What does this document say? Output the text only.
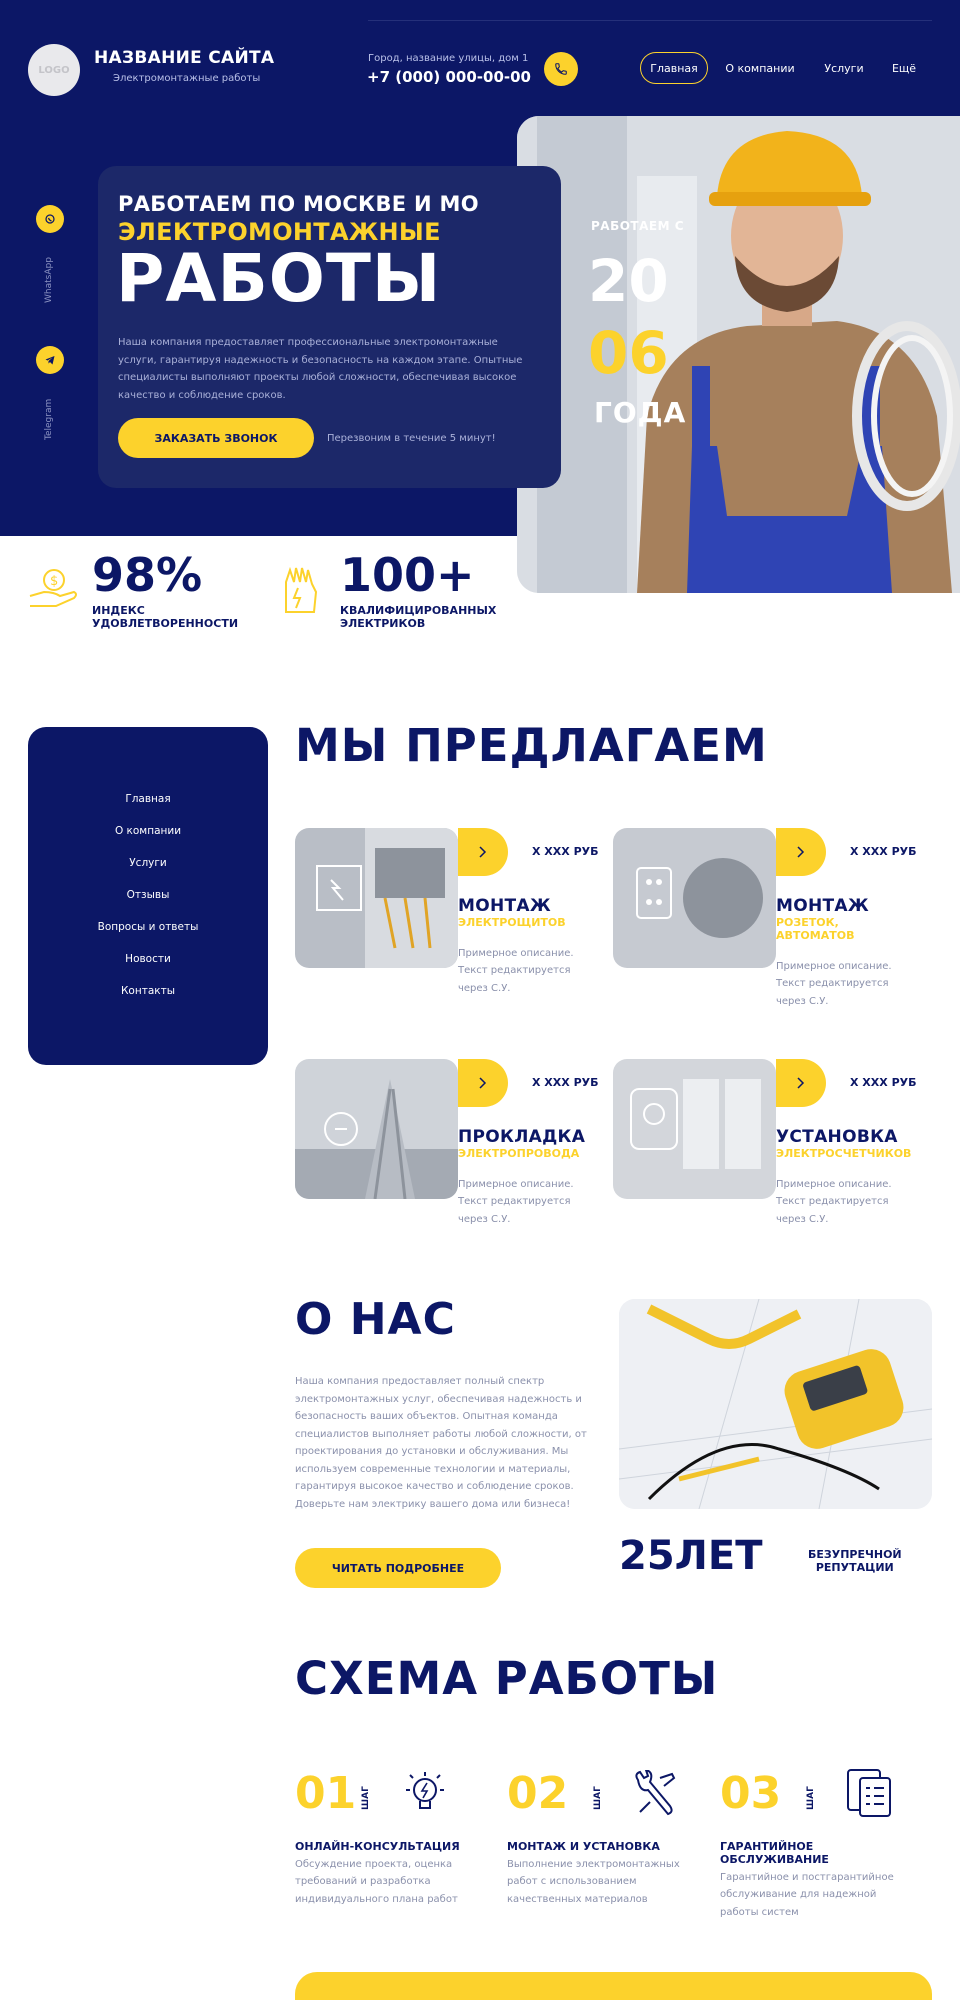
LOGO
НАЗВАНИЕ САЙТА
Электромонтажные работы
Город, название улицы, дом 1
+7 (000) 000-00-00	Главная	О компании	Услуги	Ещё
WhatsApp
Telegram
РАБОТАЕМ С
20
06
ГОДА
РАБОТАЕМ ПО МОСКВЕ И МО
ЭЛЕКТРОМОНТАЖНЫЕ
РАБОТЫ
Наша компания предоставляет профессиональные электромонтажные услуги, гарантируя надежность и безопасность на каждом этапе. Опытные специалисты выполняют проекты любой сложности, обеспечивая высокое качество и соблюдение сроков.
ЗАКАЗАТЬ ЗВОНОК	Перезвоним в течение 5 минут!
$ 98%
ИНДЕКС
УДОВЛЕТВОРЕННОСТИ
100+
КВАЛИФИЦИРОВАННЫХ
ЭЛЕКТРИКОВ
Главная
О компании
Услуги
Отзывы
Вопросы и ответы
Новости
Контакты
МЫ ПРЕДЛАГАЕМ
Х ХХХ РУБ
МОНТАЖ
ЭЛЕКТРОЩИТОВ
Примерное описание.
Текст редактируется
через С.У.
Х ХХХ РУБ
МОНТАЖ
РОЗЕТОК,
АВТОМАТОВ
Примерное описание.
Текст редактируется
через С.У.
Х ХХХ РУБ
ПРОКЛАДКА
ЭЛЕКТРОПРОВОДА
Примерное описание.
Текст редактируется
через С.У.
Х ХХХ РУБ
УСТАНОВКА
ЭЛЕКТРОСЧЕТЧИКОВ
Примерное описание.
Текст редактируется
через С.У.
О НАС
Наша компания предоставляет полный спектр электромонтажных услуг, обеспечивая надежность и безопасность ваших объектов. Опытная команда специалистов выполняет работы любой сложности, от проектирования до установки и обслуживания. Мы используем современные технологии и материалы, гарантируя высокое качество и соблюдение сроков. Доверьте нам электрику вашего дома или бизнеса!
ЧИТАТЬ ПОДРОБНЕЕ	25ЛЕТ	БЕЗУПРЕЧНОЙ
РЕПУТАЦИИ
СХЕМА РАБОТЫ
01 ШАГ
ОНЛАЙН-КОНСУЛЬТАЦИЯ
Обсуждение проекта, оценка
требований и разработка
индивидуального плана работ
02	ШАГ
МОНТАЖ И УСТАНОВКА
Выполнение электромонтажных
работ с использованием
качественных материалов
03	ШАГ
ГАРАНТИЙНОЕ
ОБСЛУЖИВАНИЕ
Гарантийное и постгарантийное
обслуживание для надежной
работы систем
